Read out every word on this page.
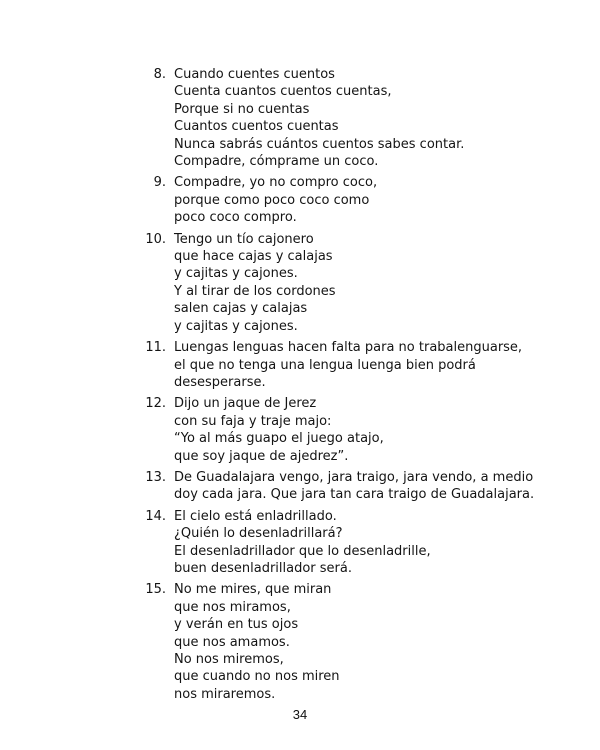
8. Cuando cuentes cuentos
Cuenta cuantos cuentos cuentas,
Porque si no cuentas
Cuantos cuentos cuentas
Nunca sabrás cuántos cuentos sabes contar.
Compadre, cómprame un coco.
9. Compadre, yo no compro coco,
porque como poco coco como
poco coco compro.
10. Tengo un tío cajonero
que hace cajas y calajas
y cajitas y cajones.
Y al tirar de los cordones
salen cajas y calajas
y cajitas y cajones.
11. Luengas lenguas hacen falta para no trabalenguarse,
el que no tenga una lengua luenga bien podrá
desesperarse.
12. Dijo un jaque de Jerez
con su faja y traje majo:
“Yo al más guapo el juego atajo,
que soy jaque de ajedrez”.
13. De Guadalajara vengo, jara traigo, jara vendo, a medio
doy cada jara. Que jara tan cara traigo de Guadalajara.
14. El cielo está enladrillado.
¿Quién lo desenladrillará?
El desenladrillador que lo desenladrille,
buen desenladrillador será.
15. No me mires, que miran
que nos miramos,
y verán en tus ojos
que nos amamos.
No nos miremos,
que cuando no nos miren
nos miraremos.
34
